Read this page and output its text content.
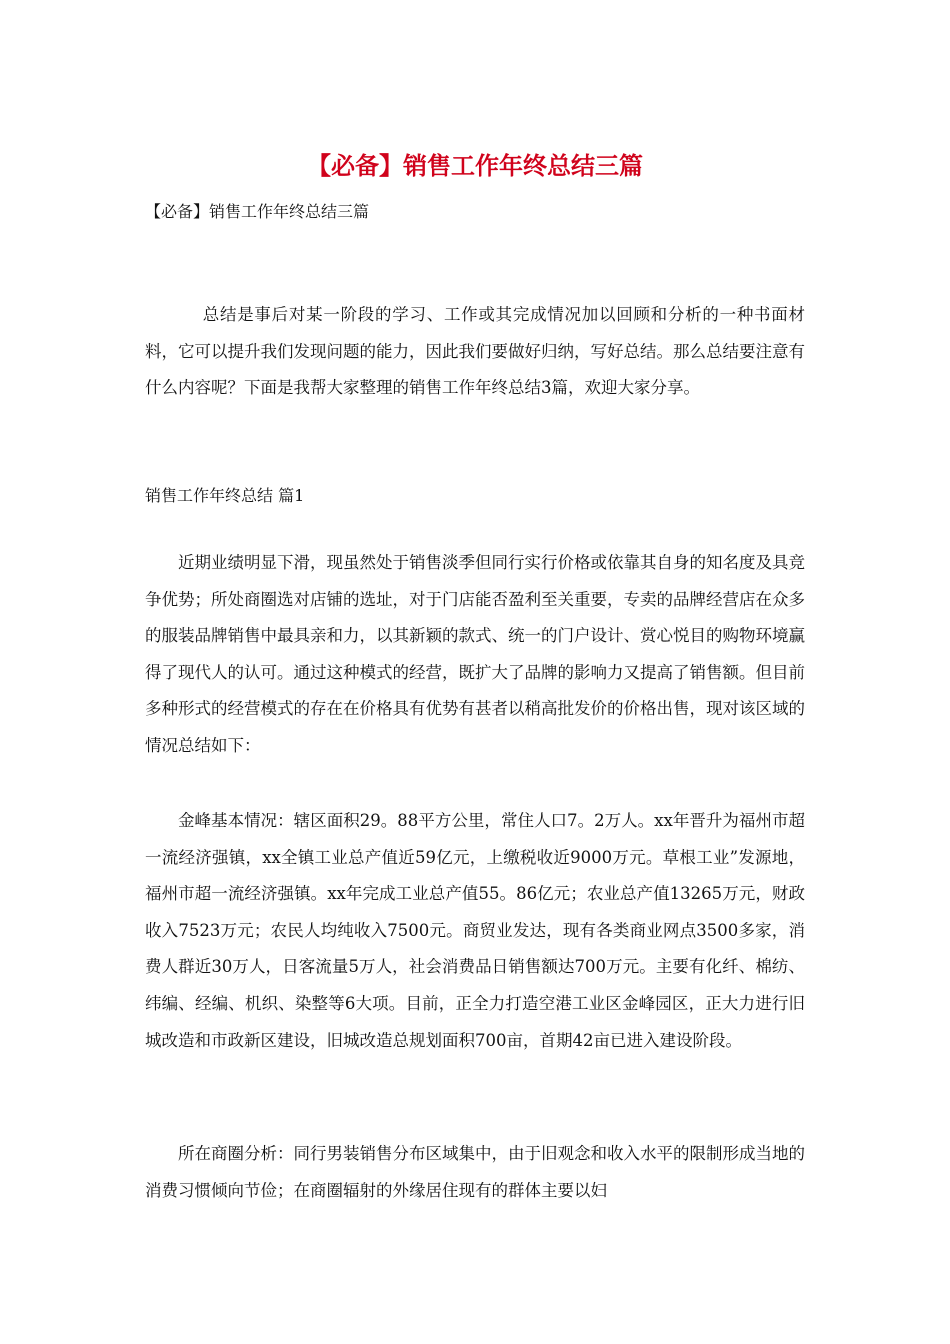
【必备】销售工作年终总结三篇

【必备】销售工作年终总结三篇

总结是事后对某一阶段的学习、工作或其完成情况加以回顾和分析的一种书面材料，它可以提升我们发现问题的能力，因此我们要做好归纳，写好总结。那么总结要注意有什么内容呢？下面是我帮大家整理的销售工作年终总结3篇，欢迎大家分享。

销售工作年终总结 篇1

近期业绩明显下滑，现虽然处于销售淡季但同行实行价格或依靠其自身的知名度及具竞争优势；所处商圈选对店铺的选址，对于门店能否盈利至关重要，专卖的品牌经营店在众多的服装品牌销售中最具亲和力，以其新颖的款式、统一的门户设计、赏心悦目的购物环境赢得了现代人的认可。通过这种模式的经营，既扩大了品牌的影响力又提高了销售额。但目前多种形式的经营模式的存在在价格具有优势有甚者以稍高批发价的价格出售，现对该区域的情况总结如下：

金峰基本情况：辖区面积29。88平方公里，常住人口7。2万人。xx年晋升为福州市超一流经济强镇，xx全镇工业总产值近59亿元，上缴税收近9000万元。草根工业”发源地，福州市超一流经济强镇。xx年完成工业总产值55。86亿元；农业总产值13265万元，财政收入7523万元；农民人均纯收入7500元。商贸业发达，现有各类商业网点3500多家，消费人群近30万人，日客流量5万人，社会消费品日销售额达700万元。主要有化纤、棉纺、纬编、经编、机织、染整等6大项。目前，正全力打造空港工业区金峰园区，正大力进行旧城改造和市政新区建设，旧城改造总规划面积700亩，首期42亩已进入建设阶段。

所在商圈分析：同行男装销售分布区域集中，由于旧观念和收入水平的限制形成当地的消费习惯倾向节俭；在商圈辐射的外缘居住现有的群体主要以妇
